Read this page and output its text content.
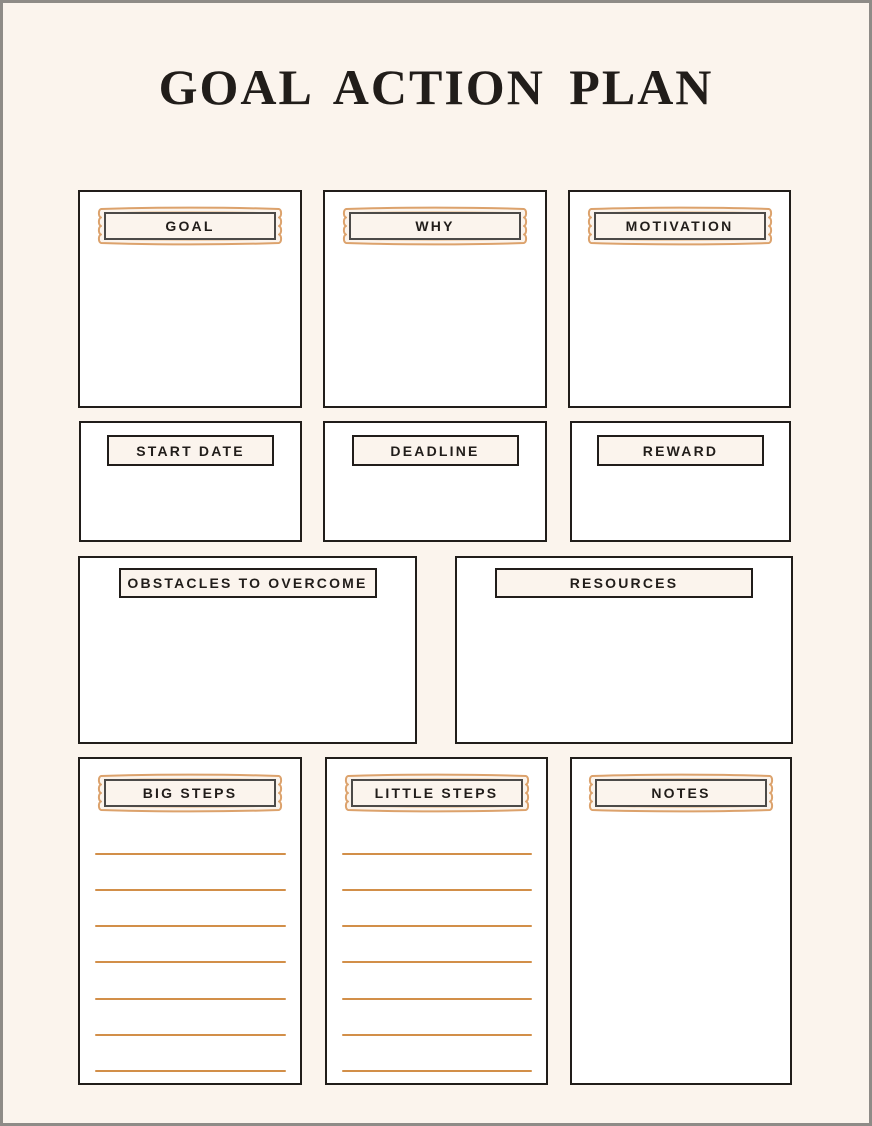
GOAL ACTION PLAN
GOAL	WHY	MOTIVATION
START DATE	DEADLINE	REWARD
OBSTACLES TO OVERCOME	RESOURCES
BIG STEPS	LITTLE STEPS	NOTES
